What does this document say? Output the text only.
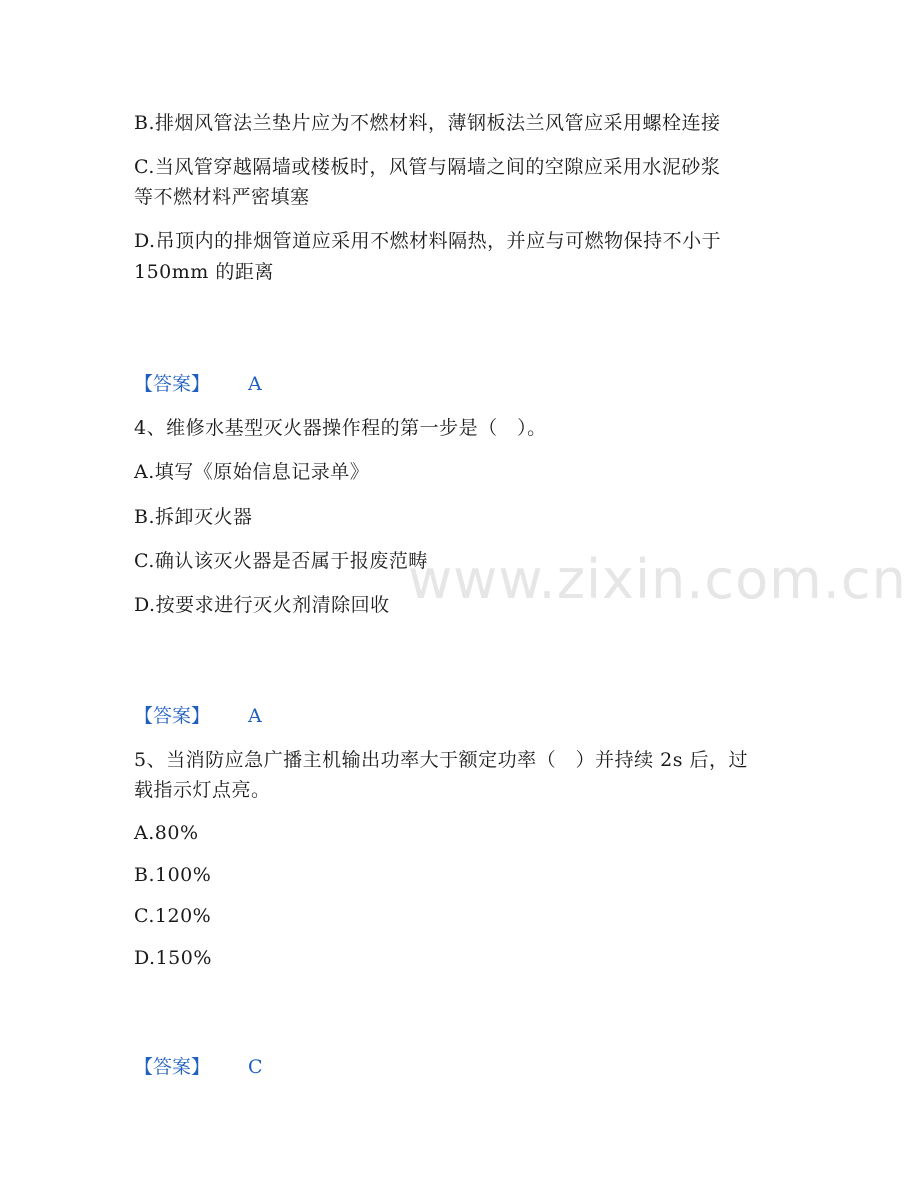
www.zixin.com.cn
B.排烟风管法兰垫片应为不燃材料，薄钢板法兰风管应采用螺栓连接
C.当风管穿越隔墙或楼板时，风管与隔墙之间的空隙应采用水泥砂浆
等不燃材料严密填塞
D.吊顶内的排烟管道应采用不燃材料隔热，并应与可燃物保持不小于
150mm 的距离
【答案】 A
4、维修水基型灭火器操作程的第一步是（　）。
A.填写《原始信息记录单》
B.拆卸灭火器
C.确认该灭火器是否属于报废范畴
D.按要求进行灭火剂清除回收
【答案】 A
5、当消防应急广播主机输出功率大于额定功率（　）并持续 2s 后，过
载指示灯点亮。
A.80%
B.100%
C.120%
D.150%
【答案】 C
